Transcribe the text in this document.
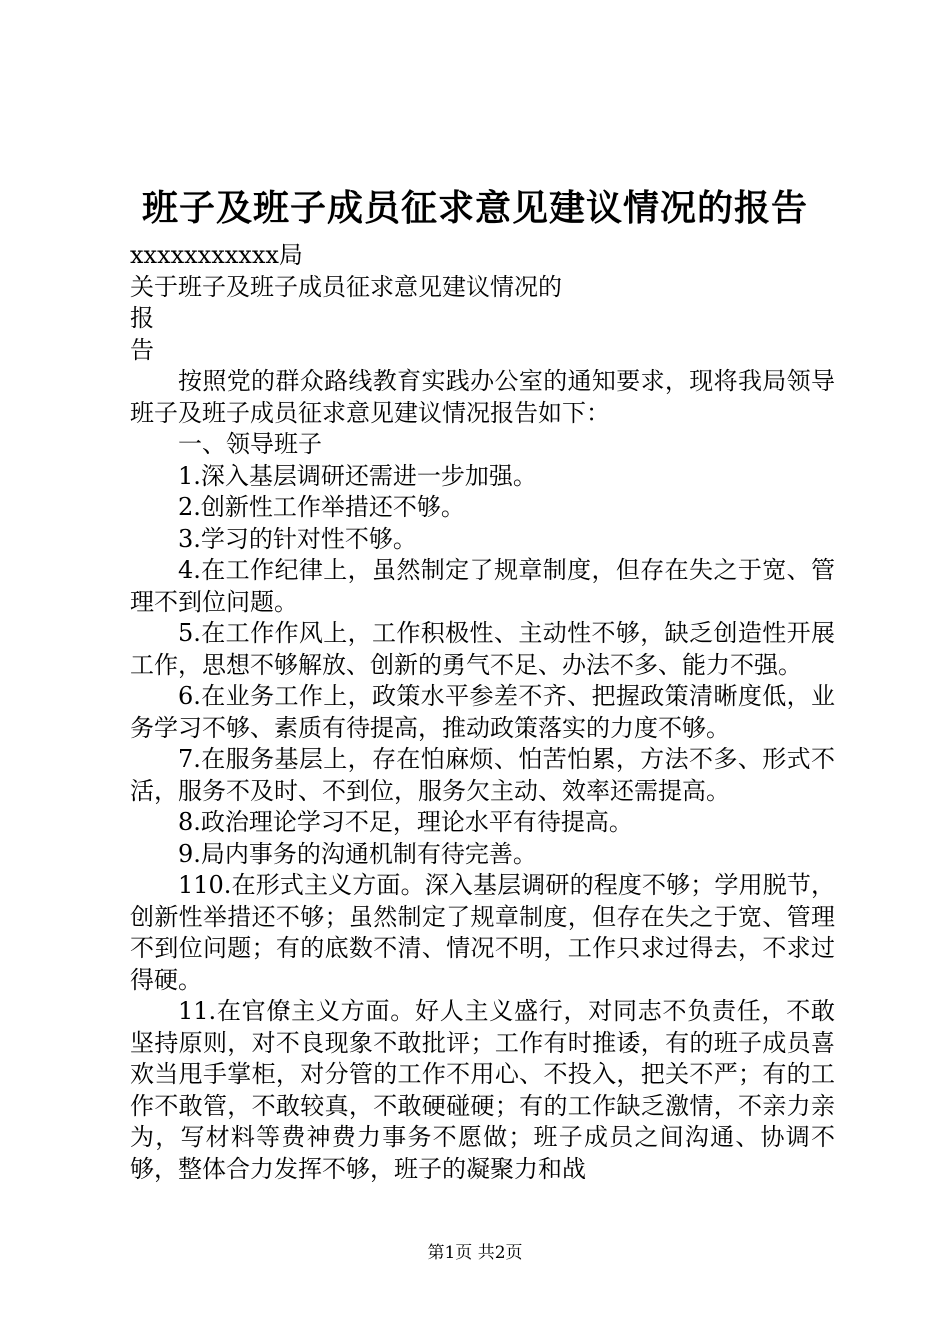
班子及班子成员征求意见建议情况的报告

xxxxxxxxxxx局

关于班子及班子成员征求意见建议情况的

报

告

按照党的群众路线教育实践办公室的通知要求，现将我局领导班子及班子成员征求意见建议情况报告如下：

一、领导班子

1.深入基层调研还需进一步加强。

2.创新性工作举措还不够。

3.学习的针对性不够。

4.在工作纪律上，虽然制定了规章制度，但存在失之于宽、管理不到位问题。

5.在工作作风上，工作积极性、主动性不够，缺乏创造性开展工作，思想不够解放、创新的勇气不足、办法不多、能力不强。

6.在业务工作上，政策水平参差不齐、把握政策清晰度低，业务学习不够、素质有待提高，推动政策落实的力度不够。

7.在服务基层上，存在怕麻烦、怕苦怕累，方法不多、形式不活，服务不及时、不到位，服务欠主动、效率还需提高。

8.政治理论学习不足，理论水平有待提高。

9.局内事务的沟通机制有待完善。

110.在形式主义方面。深入基层调研的程度不够；学用脱节，创新性举措还不够；虽然制定了规章制度，但存在失之于宽、管理不到位问题；有的底数不清、情况不明，工作只求过得去，不求过得硬。

11.在官僚主义方面。好人主义盛行，对同志不负责任，不敢坚持原则，对不良现象不敢批评；工作有时推诿，有的班子成员喜欢当甩手掌柜，对分管的工作不用心、不投入，把关不严；有的工作不敢管，不敢较真，不敢硬碰硬；有的工作缺乏激情，不亲力亲为，写材料等费神费力事务不愿做；班子成员之间沟通、协调不够，整体合力发挥不够，班子的凝聚力和战

第1页 共2页
